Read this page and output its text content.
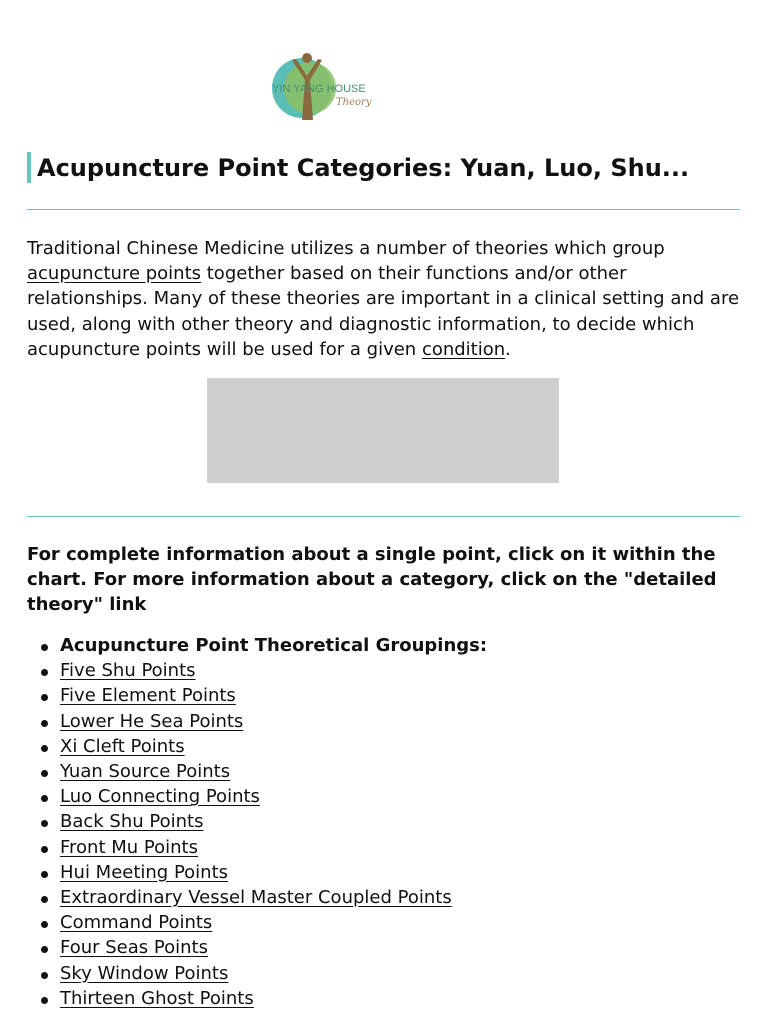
YIN YANG HOUSE
Theory
Acupuncture Point Categories: Yuan, Luo, Shu...

Traditional Chinese Medicine utilizes a number of theories which group acupuncture points together based on their functions and/or other relationships. Many of these theories are important in a clinical setting and are used, along with other theory and diagnostic information, to decide which acupuncture points will be used for a given condition.

For complete information about a single point, click on it within the chart. For more information about a category, click on the "detailed theory" link

Acupuncture Point Theoretical Groupings:
Five Shu Points
Five Element Points
Lower He Sea Points
Xi Cleft Points
Yuan Source Points
Luo Connecting Points
Back Shu Points
Front Mu Points
Hui Meeting Points
Extraordinary Vessel Master Coupled Points
Command Points
Four Seas Points
Sky Window Points
Thirteen Ghost Points
